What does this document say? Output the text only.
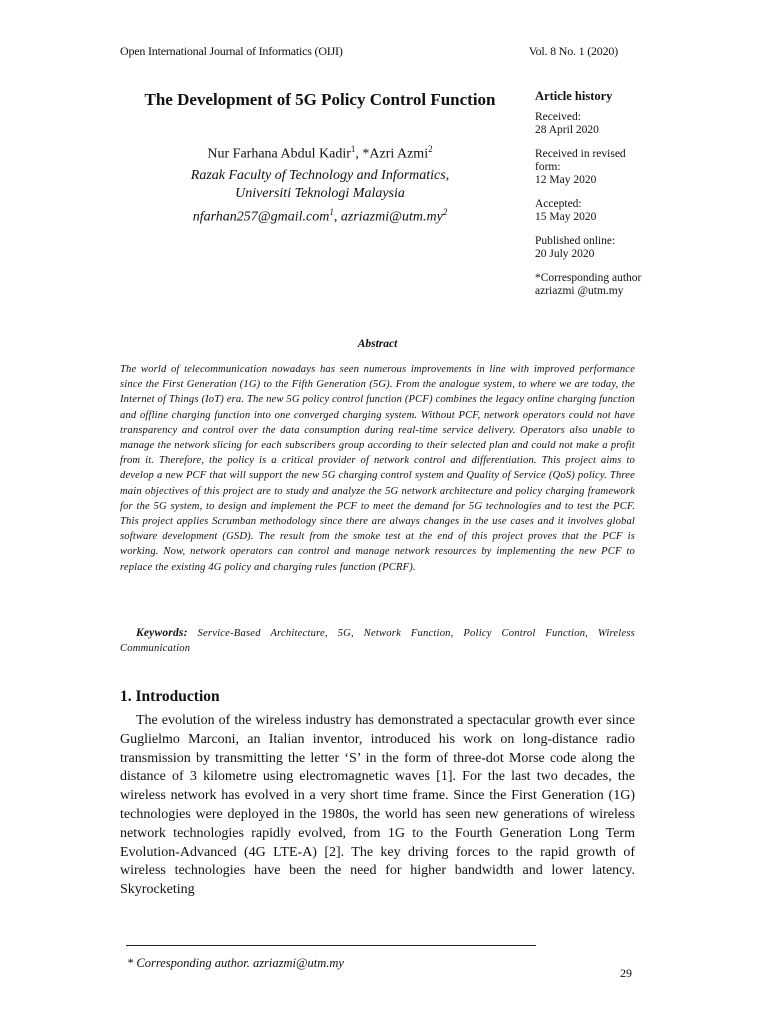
Open International Journal of Informatics (OIJI)	Vol. 8 No. 1 (2020)
The Development of 5G Policy Control Function
Nur Farhana Abdul Kadir$^1$, *Azri Azmi$^2$
Razak Faculty of Technology and Informatics,
Universiti Teknologi Malaysia
nfarhan257@gmail.com$^1$, $azriazmi@utm.my^2$
Article history
Received:
28 April 2020
Received in revised form:
12 May 2020
Accepted:
15 May 2020
Published online:
20 July 2020
*Corresponding author
azriazmi @utm.my
Abstract
The world of telecommunication nowadays has seen numerous improvements in line with improved performance since the First Generation (1G) to the Fifth Generation (5G). From the analogue system, to where we are today, the Internet of Things (IoT) era. The new 5G policy control function (PCF) combines the legacy online charging function and offline charging function into one converged charging system. Without PCF, network operators could not have transparency and control over the data consumption during real-time service delivery. Operators also unable to manage the network slicing for each subscribers group according to their selected plan and could not make a profit from it. Therefore, the policy is a critical provider of network control and differentiation. This project aims to develop a new PCF that will support the new 5G charging control system and Quality of Service (QoS) policy. Three main objectives of this project are to study and analyze the 5G network architecture and policy charging framework for the 5G system, to design and implement the PCF to meet the demand for 5G technologies and to test the PCF. This project applies Scrumban methodology since there are always changes in the use cases and it involves global software development (GSD). The result from the smoke test at the end of this project proves that the PCF is working. Now, network operators can control and manage network resources by implementing the new PCF to replace the existing 4G policy and charging rules function (PCRF).
Keywords: Service-Based Architecture, 5G, Network Function, Policy Control Function, Wireless Communication
1. Introduction
The evolution of the wireless industry has demonstrated a spectacular growth ever since Guglielmo Marconi, an Italian inventor, introduced his work on long-distance radio transmission by transmitting the letter ‘S’ in the form of three-dot Morse code along the distance of 3 kilometre using electromagnetic waves [1]. For the last two decades, the wireless network has evolved in a very short time frame. Since the First Generation (1G) technologies were deployed in the 1980s, the world has seen new generations of wireless network technologies rapidly evolved, from 1G to the Fourth Generation Long Term Evolution-Advanced (4G LTE-A) [2]. The key driving forces to the rapid growth of wireless technologies have been the need for higher bandwidth and lower latency. Skyrocketing
* Corresponding author. azriazmi@utm.my
29
